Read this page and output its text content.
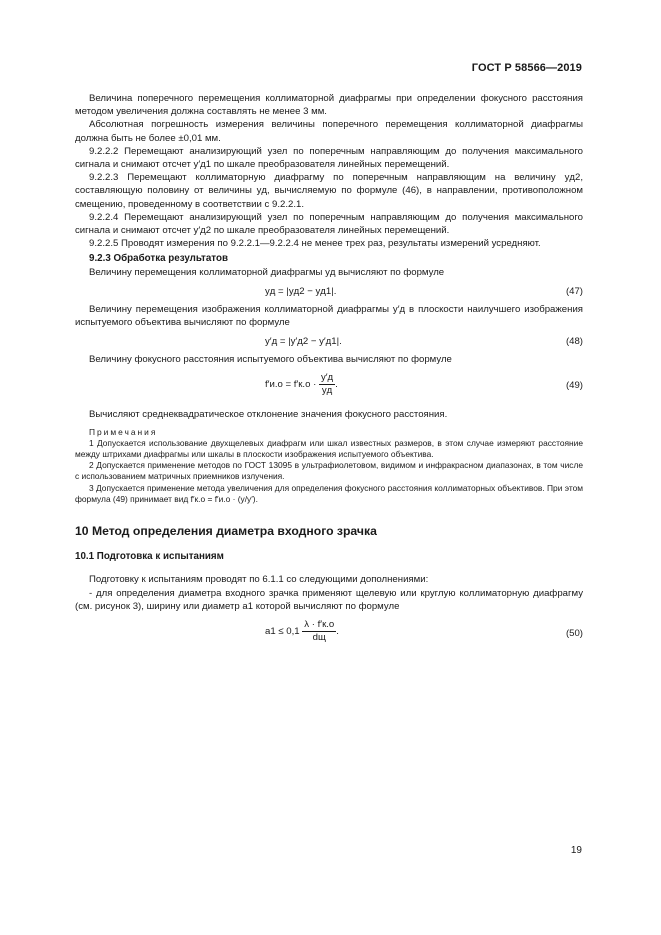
ГОСТ Р 58566—2019

Величина поперечного перемещения коллиматорной диафрагмы при определении фокусного расстояния методом увеличения должна составлять не менее 3 мм.

Абсолютная погрешность измерения величины поперечного перемещения коллиматорной диафрагмы должна быть не более ±0,01 мм.

9.2.2.2 Перемещают анализирующий узел по поперечным направляющим до получения максимального сигнала и снимают отсчет y′д1 по шкале преобразователя линейных перемещений.

9.2.2.3 Перемещают коллиматорную диафрагму по поперечным направляющим на величину yд2, составляющую половину от величины yд, вычисляемую по формуле (46), в направлении, противоположном смещению, проведенному в соответствии с 9.2.2.1.

9.2.2.4 Перемещают анализирующий узел по поперечным направляющим до получения максимального сигнала и снимают отсчет y′д2 по шкале преобразователя линейных перемещений.

9.2.2.5 Проводят измерения по 9.2.2.1—9.2.2.4 не менее трех раз, результаты измерений усредняют.

9.2.3 Обработка результатов

Величину перемещения коллиматорной диафрагмы yд вычисляют по формуле

yд = |yд2 − yд1|.	(47)

Величину перемещения изображения коллиматорной диафрагмы y′д в плоскости наилучшего изображения испытуемого объектива вычисляют по формуле

y′д = |y′д2 − y′д1|.	(48)

Величину фокусного расстояния испытуемого объектива вычисляют по формуле

$f'и.о = f'к.о \cdot \frac{y'д}{yд}$ .	(49)

Вычисляют среднеквадратическое отклонение значения фокусного расстояния.

Примечания

1 Допускается использование двухщелевых диафрагм или шкал известных размеров, в этом случае измеряют расстояние между штрихами диафрагмы или шкалы в плоскости изображения испытуемого объектива.

2 Допускается применение методов по ГОСТ 13095 в ультрафиолетовом, видимом и инфракрасном диапазонах, в том числе с использованием матричных приемников излучения.

3 Допускается применение метода увеличения для определения фокусного расстояния коллиматорных объективов. При этом формула (49) принимает вид f′к.о = f′и.о · (y/y′).

10 Метод определения диаметра входного зрачка

10.1 Подготовка к испытаниям

Подготовку к испытаниям проводят по 6.1.1 со следующими дополнениями:

- для определения диаметра входного зрачка применяют щелевую или круглую коллиматорную диафрагму (см. рисунок 3), ширину или диаметр a1 которой вычисляют по формуле

$a1 \le 0,1 \frac{\lambda \cdot f'к.о}{dщ}$ .	(50)
19
